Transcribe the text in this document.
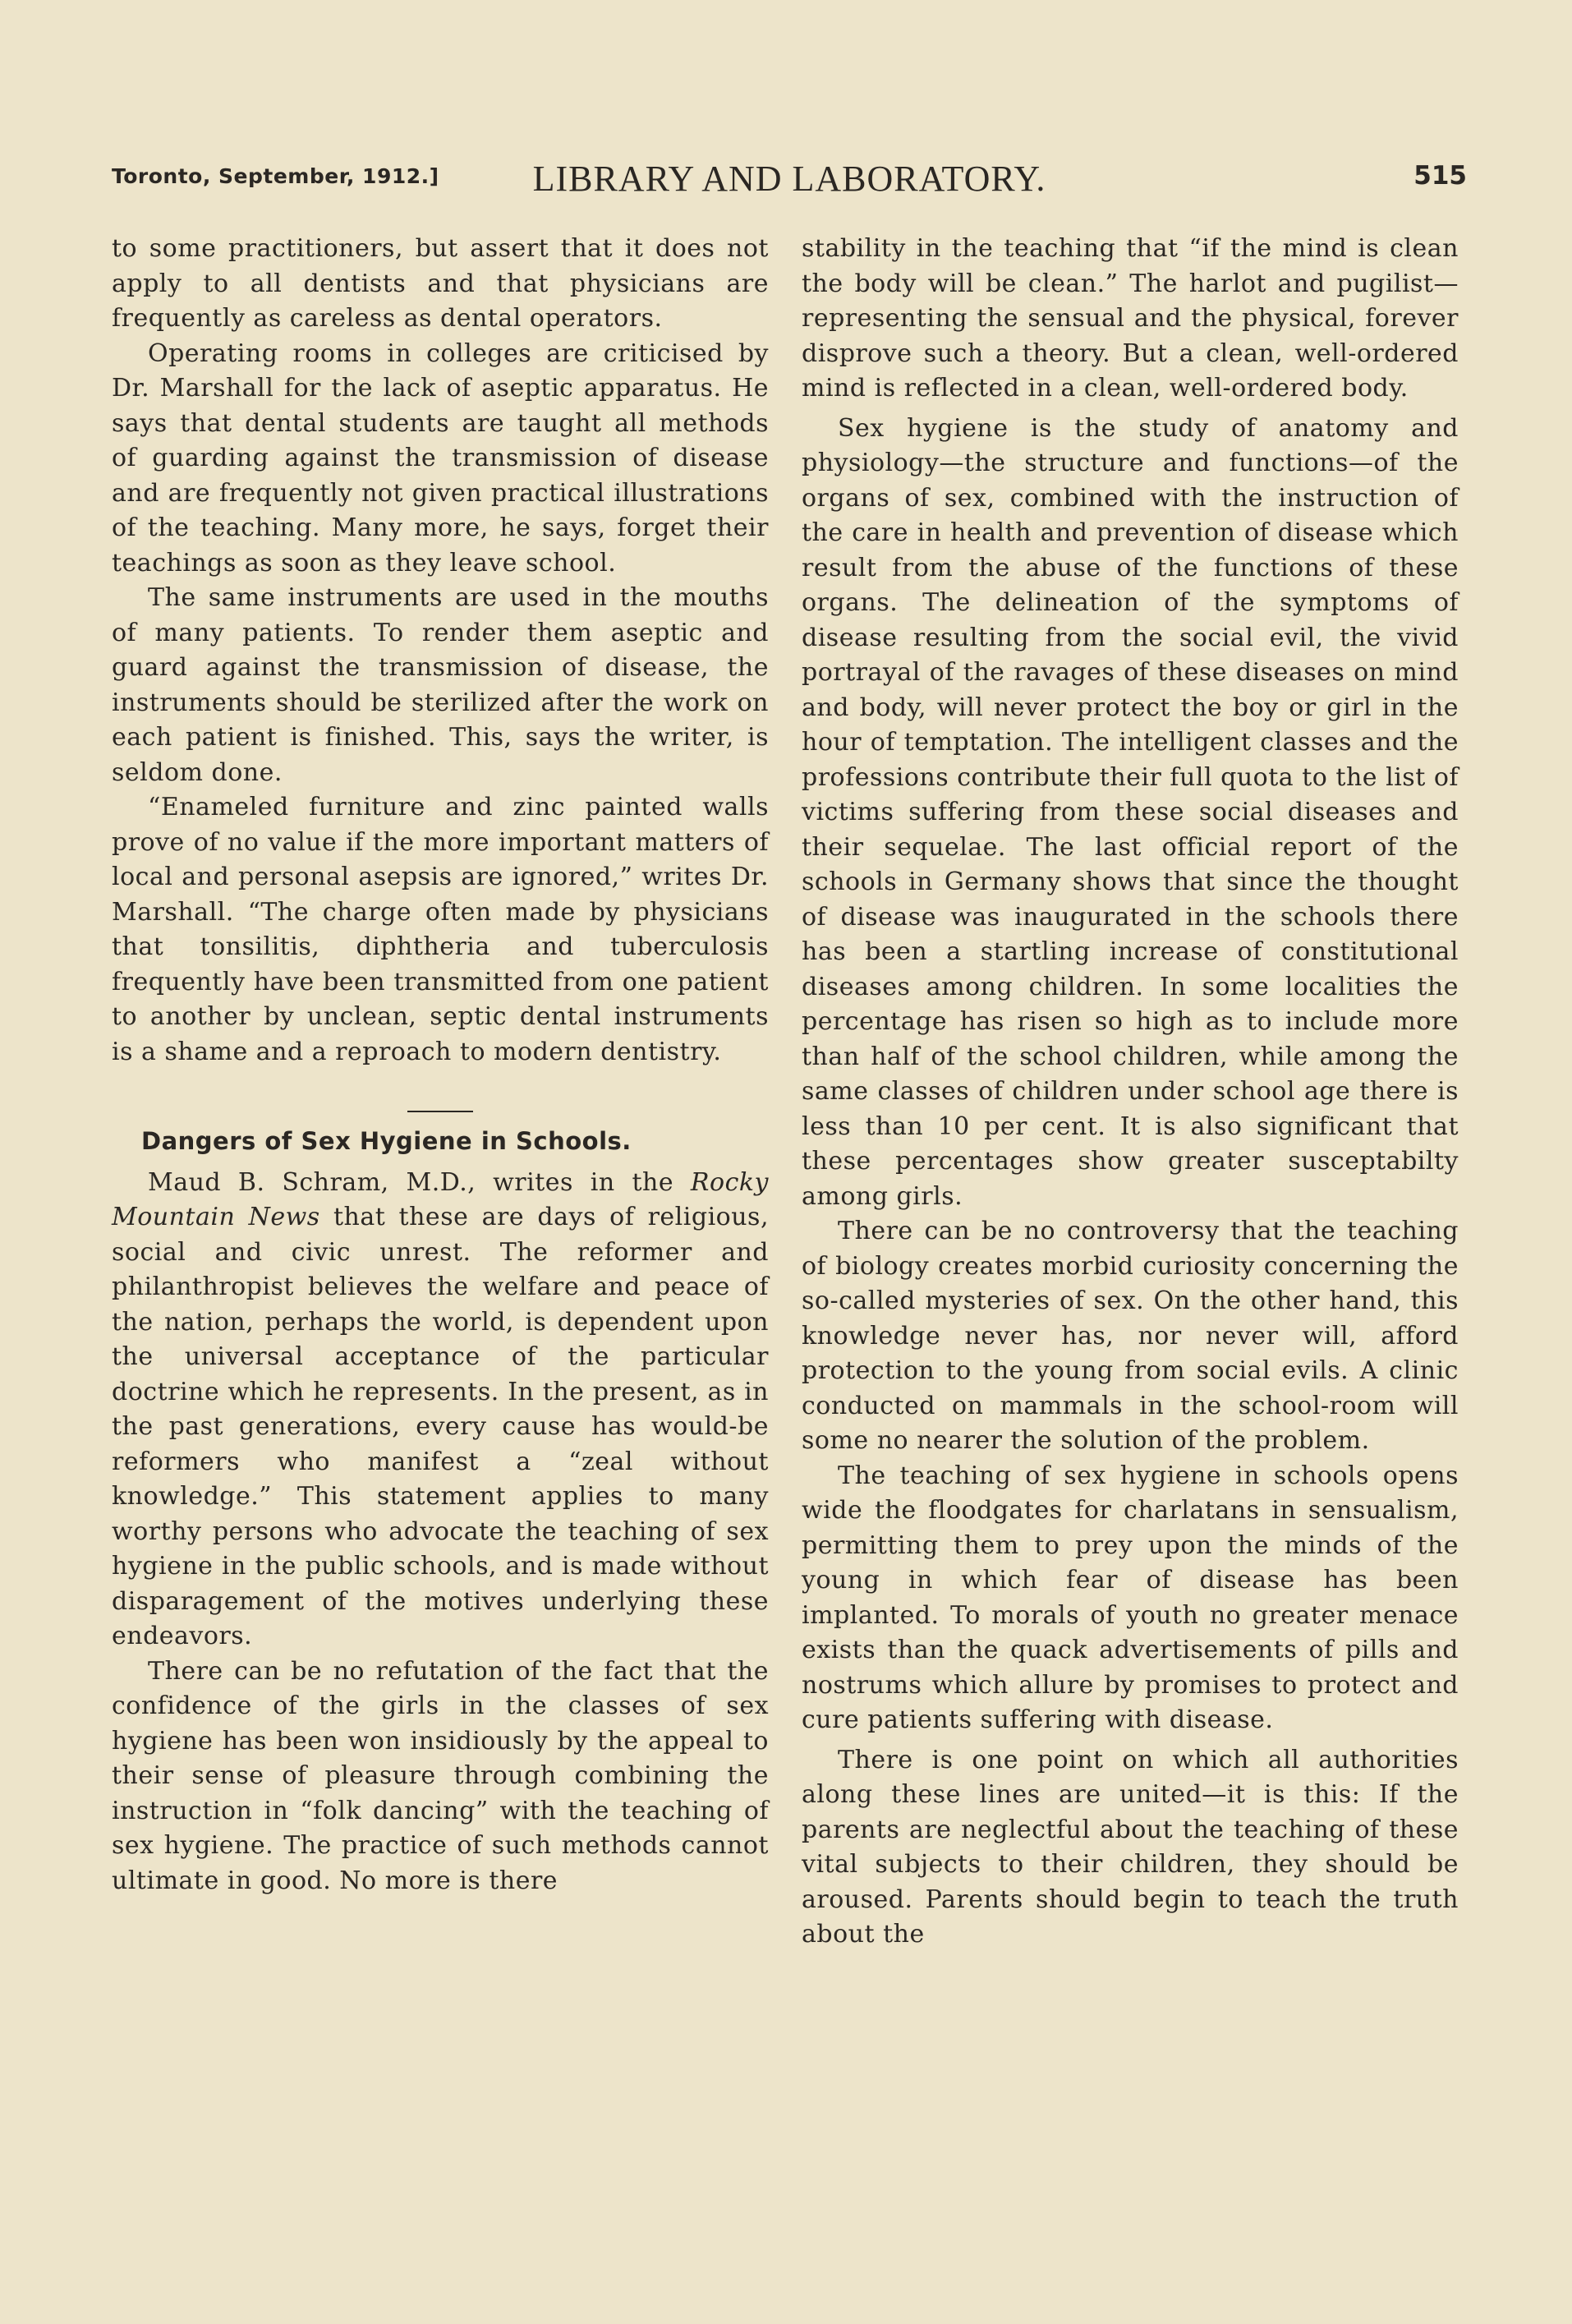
Toronto, September, 1912.]	LIBRARY AND LABORATORY.	515

to some practitioners, but assert that it does not apply to all dentists and that physicians are frequently as careless as dental operators.

Operating rooms in colleges are criticised by Dr. Marshall for the lack of aseptic apparatus. He says that dental students are taught all methods of guarding against the transmission of disease and are frequently not given practical illustrations of the teaching. Many more, he says, forget their teachings as soon as they leave school.

The same instruments are used in the mouths of many patients. To render them aseptic and guard against the transmission of disease, the instruments should be sterilized after the work on each patient is finished. This, says the writer, is seldom done.

“Enameled furniture and zinc painted walls prove of no value if the more important matters of local and personal asepsis are ignored,” writes Dr. Marshall. “The charge often made by physicians that tonsilitis, diphtheria and tuberculosis frequently have been transmitted from one patient to another by unclean, septic dental instruments is a shame and a reproach to modern dentistry.

Dangers of Sex Hygiene in Schools.

Maud B. Schram, M.D., writes in the Rocky Mountain News that these are days of religious, social and civic unrest. The reformer and philanthropist believes the welfare and peace of the nation, perhaps the world, is dependent upon the universal acceptance of the particular doctrine which he represents. In the present, as in the past generations, every cause has would-be reformers who manifest a “zeal without knowledge.” This statement applies to many worthy persons who advocate the teaching of sex hygiene in the public schools, and is made without disparagement of the motives underlying these endeavors.

There can be no refutation of the fact that the confidence of the girls in the classes of sex hygiene has been won insidiously by the appeal to their sense of pleasure through combining the instruction in “folk dancing” with the teaching of sex hygiene. The practice of such methods cannot ultimate in good. No more is there

stability in the teaching that “if the mind is clean the body will be clean.” The harlot and pugilist—representing the sensual and the physical, forever disprove such a theory. But a clean, well-ordered mind is reflected in a clean, well-ordered body.

Sex hygiene is the study of anatomy and physiology—the structure and functions—of the organs of sex, combined with the instruction of the care in health and prevention of disease which result from the abuse of the functions of these organs. The delineation of the symptoms of disease resulting from the social evil, the vivid portrayal of the ravages of these diseases on mind and body, will never protect the boy or girl in the hour of temptation. The intelligent classes and the professions contribute their full quota to the list of victims suffering from these social diseases and their sequelae. The last official report of the schools in Germany shows that since the thought of disease was inaugurated in the schools there has been a startling increase of constitutional diseases among children. In some localities the percentage has risen so high as to include more than half of the school children, while among the same classes of children under school age there is less than 10 per cent. It is also significant that these percentages show greater susceptabilty among girls.

There can be no controversy that the teaching of biology creates morbid curiosity concerning the so-called mysteries of sex. On the other hand, this knowledge never has, nor never will, afford protection to the young from social evils. A clinic conducted on mammals in the school-room will some no nearer the solution of the problem.

The teaching of sex hygiene in schools opens wide the floodgates for charlatans in sensualism, permitting them to prey upon the minds of the young in which fear of disease has been implanted. To morals of youth no greater menace exists than the quack advertisements of pills and nostrums which allure by promises to protect and cure patients suffering with disease.

There is one point on which all authorities along these lines are united—it is this: If the parents are neglectful about the teaching of these vital subjects to their children, they should be aroused. Parents should begin to teach the truth about the
